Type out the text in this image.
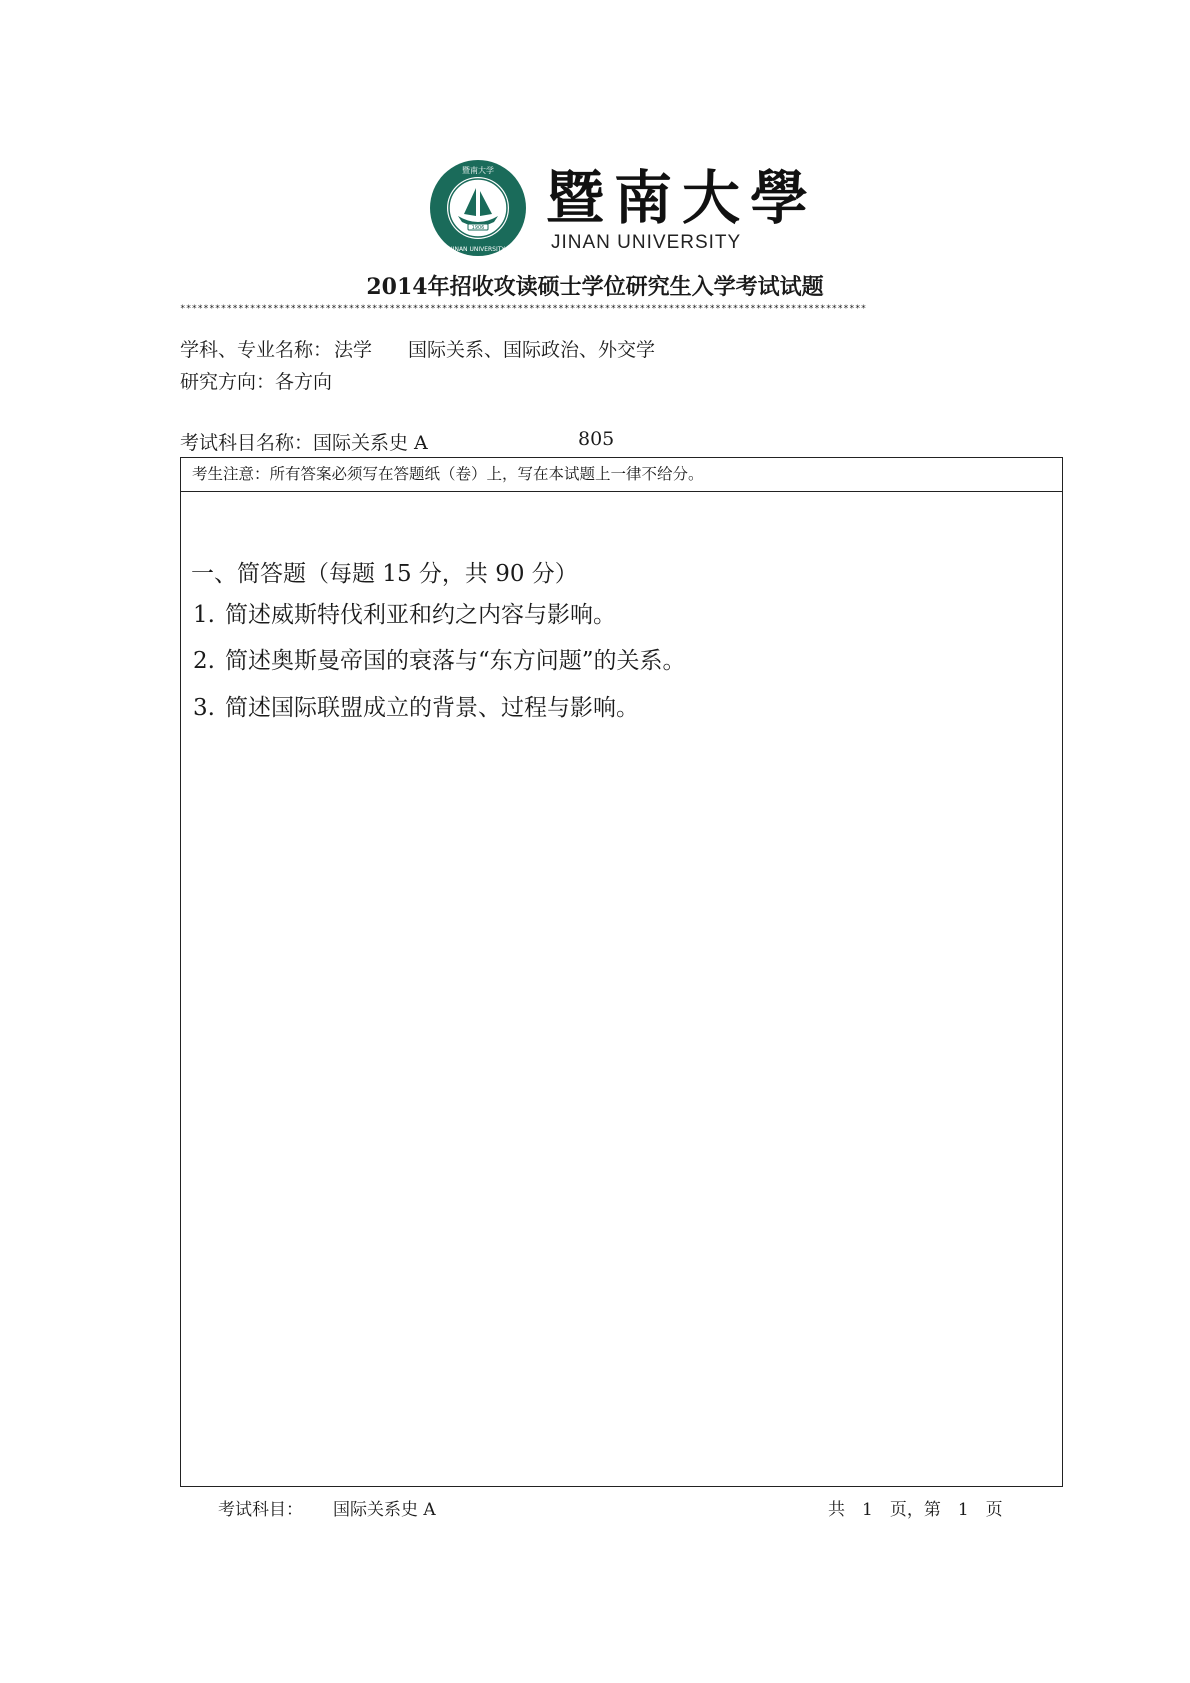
1906
暨南大学
JINAN UNIVERSITY
暨南大學
JINAN UNIVERSITY
2014年招收攻读硕士学位研究生入学考试试题
**********************************************************************************************************************
学科、专业名称： 法学 国际关系、国际政治、外交学
研究方向：各方向
考试科目名称：国际关系史 A	805
考生注意：所有答案必须写在答题纸（卷）上，写在本试题上一律不给分。
一、简答题（每题 15 分，共 90 分）
1. 简述威斯特伐利亚和约之内容与影响。
2. 简述奥斯曼帝国的衰落与“东方问题”的关系。
3. 简述国际联盟成立的背景、过程与影响。
考试科目： 国际关系史 A	共　1　页，第　1　页
